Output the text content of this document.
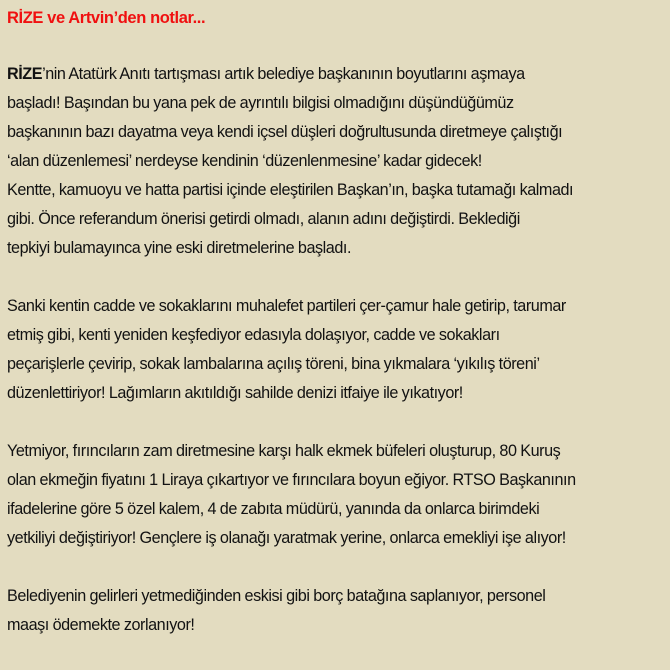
RİZE ve Artvin’den notlar...

RİZE’nin Atatürk Anıtı tartışması artık belediye başkanının boyutlarını aşmaya
başladı! Başından bu yana pek de ayrıntılı bilgisi olmadığını düşündüğümüz
başkanının bazı dayatma veya kendi içsel düşleri doğrultusunda diretmeye çalıştığı
‘alan düzenlemesi’ nerdeyse kendinin ‘düzenlenmesine’ kadar gidecek!
Kentte, kamuoyu ve hatta partisi içinde eleştirilen Başkan’ın, başka tutamağı kalmadı
gibi. Önce referandum önerisi getirdi olmadı, alanın adını değiştirdi. Beklediği
tepkiyi bulamayınca yine eski diretmelerine başladı.

Sanki kentin cadde ve sokaklarını muhalefet partileri çer-çamur hale getirip, tarumar
etmiş gibi, kenti yeniden keşfediyor edasıyla dolaşıyor, cadde ve sokakları
peçarişlerle çevirip, sokak lambalarına açılış töreni, bina yıkmalara ‘yıkılış töreni’
düzenlettiriyor! Lağımların akıtıldığı sahilde denizi itfaiye ile yıkatıyor!

Yetmiyor, fırıncıların zam diretmesine karşı halk ekmek büfeleri oluşturup, 80 Kuruş
olan ekmeğin fiyatını 1 Liraya çıkartıyor ve fırıncılara boyun eğiyor. RTSO Başkanının
ifadelerine göre 5 özel kalem, 4 de zabıta müdürü, yanında da onlarca birimdeki
yetkiliyi değiştiriyor! Gençlere iş olanağı yaratmak yerine, onlarca emekliyi işe alıyor!

Belediyenin gelirleri yetmediğinden eskisi gibi borç batağına saplanıyor, personel
maaşı ödemekte zorlanıyor!
